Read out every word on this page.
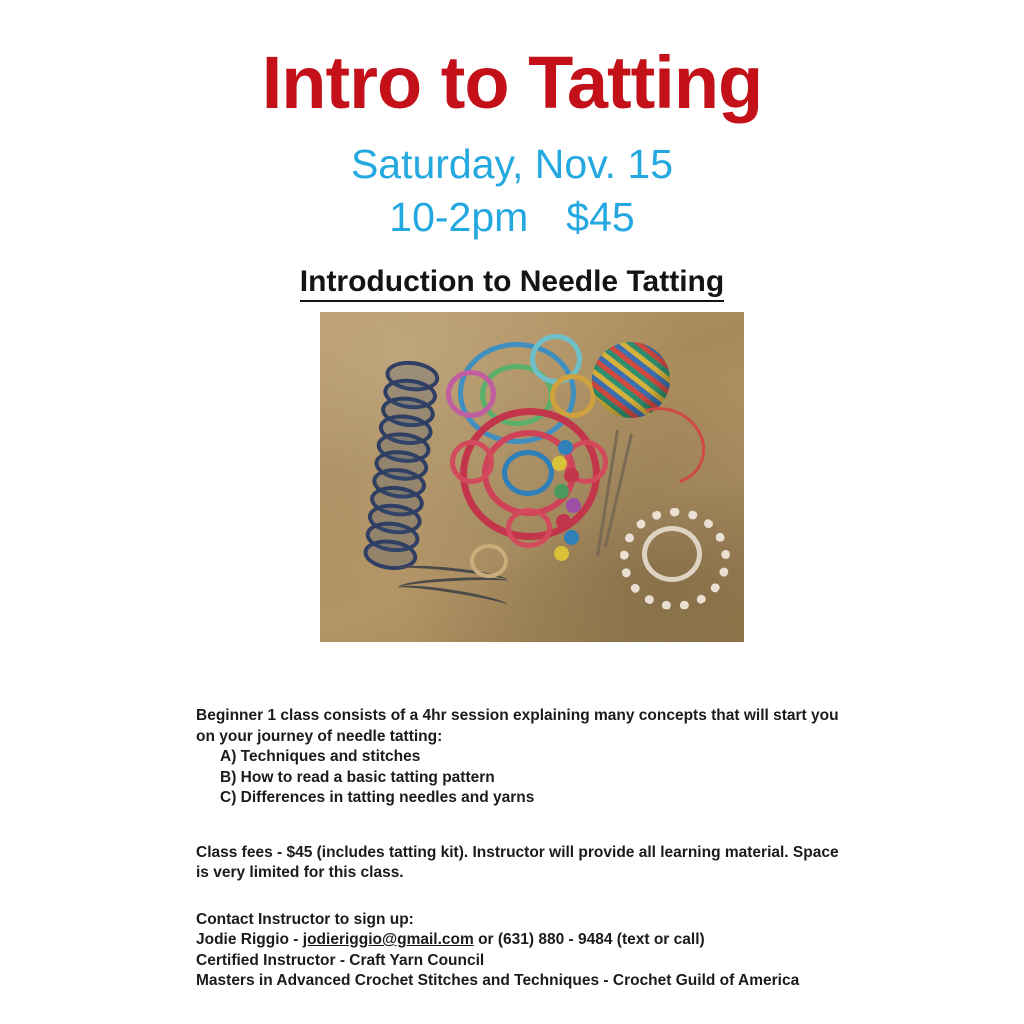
Intro to Tatting
Saturday, Nov. 15
10-2pm $45
Introduction to Needle Tatting

Beginner 1 class consists of a 4hr session explaining many concepts that will start you

on your journey of needle tatting:

A) Techniques and stitches
B) How to read a basic tatting pattern
C) Differences in tatting needles and yarns

Class fees - $45 (includes tatting kit). Instructor will provide all learning material. Space

is very limited for this class.

Contact Instructor to sign up:

Jodie Riggio - jodieriggio@gmail.com or (631) 880 - 9484 (text or call)

Certified Instructor - Craft Yarn Council

Masters in Advanced Crochet Stitches and Techniques - Crochet Guild of America
